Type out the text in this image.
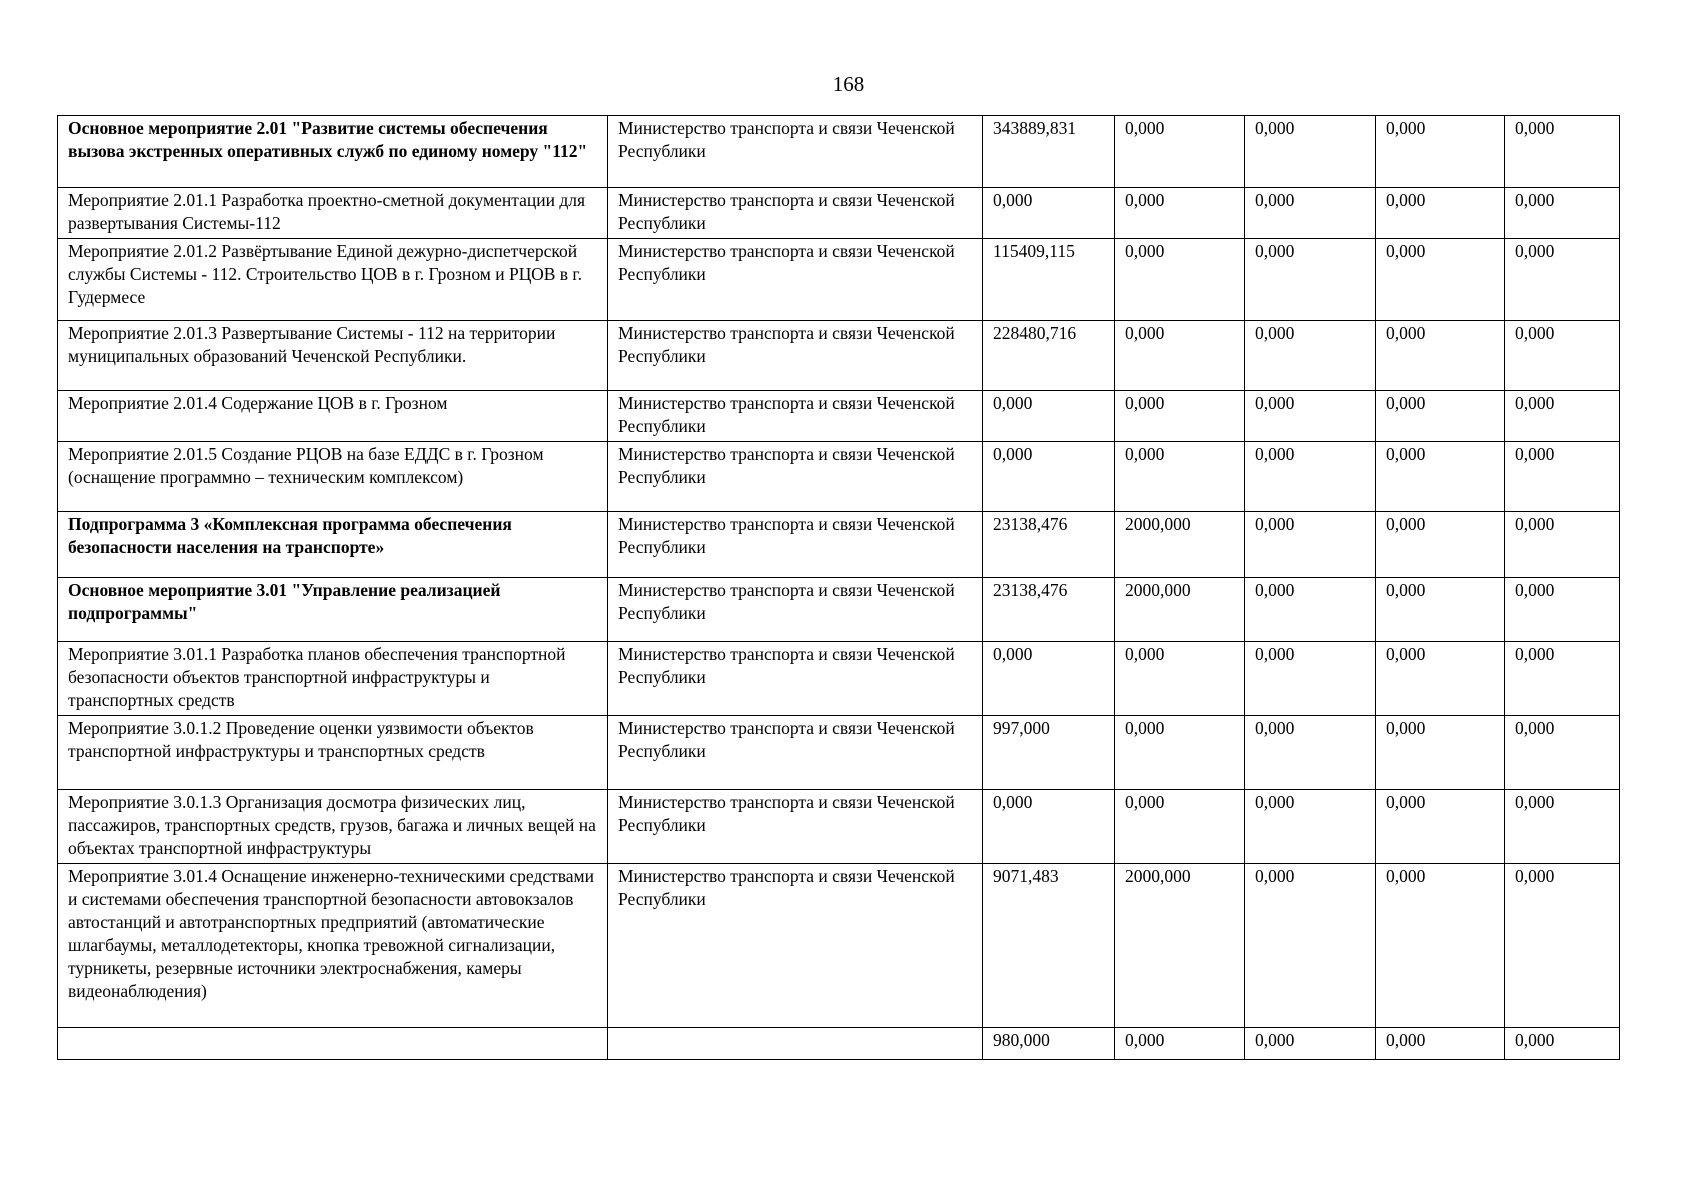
168
Основное мероприятие 2.01 "Развитие системы обеспечения вызова экстренных оперативных служб по единому номеру "112"	Министерство транспорта и связи Чеченской Республики	343889,831	0,000	0,000	0,000	0,000
Мероприятие 2.01.1 Разработка проектно-сметной документации для развертывания Системы-112	Министерство транспорта и связи Чеченской Республики	0,000	0,000	0,000	0,000	0,000
Мероприятие 2.01.2 Развёртывание Единой дежурно-диспетчерской службы Системы - 112. Строительство ЦОВ в г. Грозном и РЦОВ в г. Гудермесе	Министерство транспорта и связи Чеченской Республики	115409,115	0,000	0,000	0,000	0,000
Мероприятие 2.01.3 Развертывание Системы - 112 на территории муниципальных образований Чеченской Республики.	Министерство транспорта и связи Чеченской Республики	228480,716	0,000	0,000	0,000	0,000
Мероприятие 2.01.4 Содержание ЦОВ в г. Грозном	Министерство транспорта и связи Чеченской Республики	0,000	0,000	0,000	0,000	0,000
Мероприятие 2.01.5 Создание РЦОВ на базе ЕДДС в г. Грозном (оснащение программно – техническим комплексом)	Министерство транспорта и связи Чеченской Республики	0,000	0,000	0,000	0,000	0,000
Подпрограмма 3 «Комплексная программа обеспечения безопасности населения на транспорте»	Министерство транспорта и связи Чеченской Республики	23138,476	2000,000	0,000	0,000	0,000
Основное мероприятие 3.01 "Управление реализацией подпрограммы"	Министерство транспорта и связи Чеченской Республики	23138,476	2000,000	0,000	0,000	0,000
Мероприятие 3.01.1 Разработка планов обеспечения транспортной безопасности объектов транспортной инфраструктуры и транспортных средств	Министерство транспорта и связи Чеченской Республики	0,000	0,000	0,000	0,000	0,000
Мероприятие 3.0.1.2 Проведение оценки уязвимости объектов транспортной инфраструктуры и транспортных средств	Министерство транспорта и связи Чеченской Республики	997,000	0,000	0,000	0,000	0,000
Мероприятие 3.0.1.3 Организация досмотра физических лиц, пассажиров, транспортных средств, грузов, багажа и личных вещей на объектах транспортной инфраструктуры	Министерство транспорта и связи Чеченской Республики	0,000	0,000	0,000	0,000	0,000
Мероприятие 3.01.4 Оснащение инженерно-техническими средствами и системами обеспечения транспортной безопасности автовокзалов автостанций и автотранспортных предприятий (автоматические шлагбаумы, металлодетекторы, кнопка тревожной сигнализации, турникеты, резервные источники электроснабжения, камеры видеонаблюдения)	Министерство транспорта и связи Чеченской Республики	9071,483	2000,000	0,000	0,000	0,000
		980,000	0,000	0,000	0,000	0,000
